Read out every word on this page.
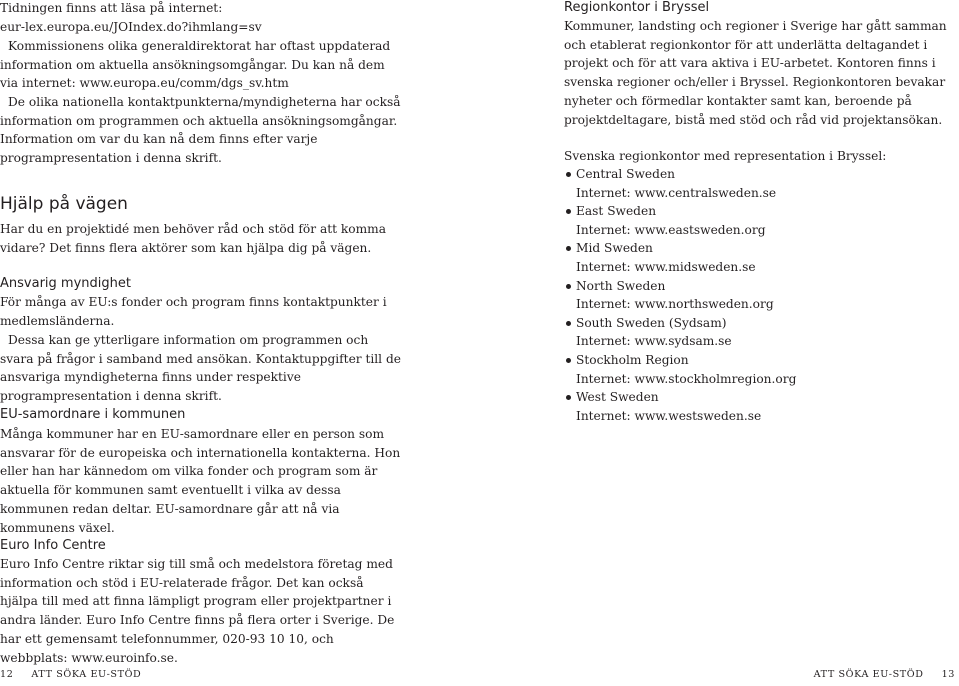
Tidningen finns att läsa på internet:
eur-lex.europa.eu/JOIndex.do?ihmlang=sv

Kommissionens olika generaldirektorat har oftast uppdaterad information om aktuella ansökningsomgångar. Du kan nå dem via internet: www.europa.eu/comm/dgs_sv.htm

De olika nationella kontaktpunkterna/myndigheterna har också information om programmen och aktuella ansökningsomgångar. Information om var du kan nå dem finns efter varje programpresentation i denna skrift.

Hjälp på vägen

Har du en projektidé men behöver råd och stöd för att komma vidare? Det finns flera aktörer som kan hjälpa dig på vägen.

Ansvarig myndighet

För många av EU:s fonder och program finns kontaktpunkter i medlemsländerna.

Dessa kan ge ytterligare information om programmen och svara på frågor i samband med ansökan. Kontaktuppgifter till de ansvariga myndigheterna finns under respektive programpresentation i denna skrift.

EU-samordnare i kommunen

Många kommuner har en EU-samordnare eller en person som ansvarar för de europeiska och internationella kontakterna. Hon eller han har kännedom om vilka fonder och program som är aktuella för kommunen samt eventuellt i vilka av dessa kommunen redan deltar. EU-samordnare går att nå via kommunens växel.

Euro Info Centre

Euro Info Centre riktar sig till små och medelstora företag med information och stöd i EU-relaterade frågor. Det kan också hjälpa till med att finna lämpligt program eller projektpartner i andra länder. Euro Info Centre finns på flera orter i Sverige. De har ett gemensamt telefonnummer, 020-93 10 10, och webbplats: www.euroinfo.se.

Regionkontor i Bryssel

Kommuner, landsting och regioner i Sverige har gått samman och etablerat regionkontor för att underlätta deltagandet i projekt och för att vara aktiva i EU-arbetet. Kontoren finns i svenska regioner och/eller i Bryssel. Regionkontoren bevakar nyheter och förmedlar kontakter samt kan, beroende på projektdeltagare, bistå med stöd och råd vid projektansökan.

Svenska regionkontor med representation i Bryssel:

Central Sweden
Internet: www.centralsweden.se
East Sweden
Internet: www.eastsweden.org
Mid Sweden
Internet: www.midsweden.se
North Sweden
Internet: www.northsweden.org
South Sweden (Sydsam)
Internet: www.sydsam.se
Stockholm Region
Internet: www.stockholmregion.org
West Sweden
Internet: www.westsweden.se
12 ATT SÖKA EU-STÖD	ATT SÖKA EU-STÖD 13
